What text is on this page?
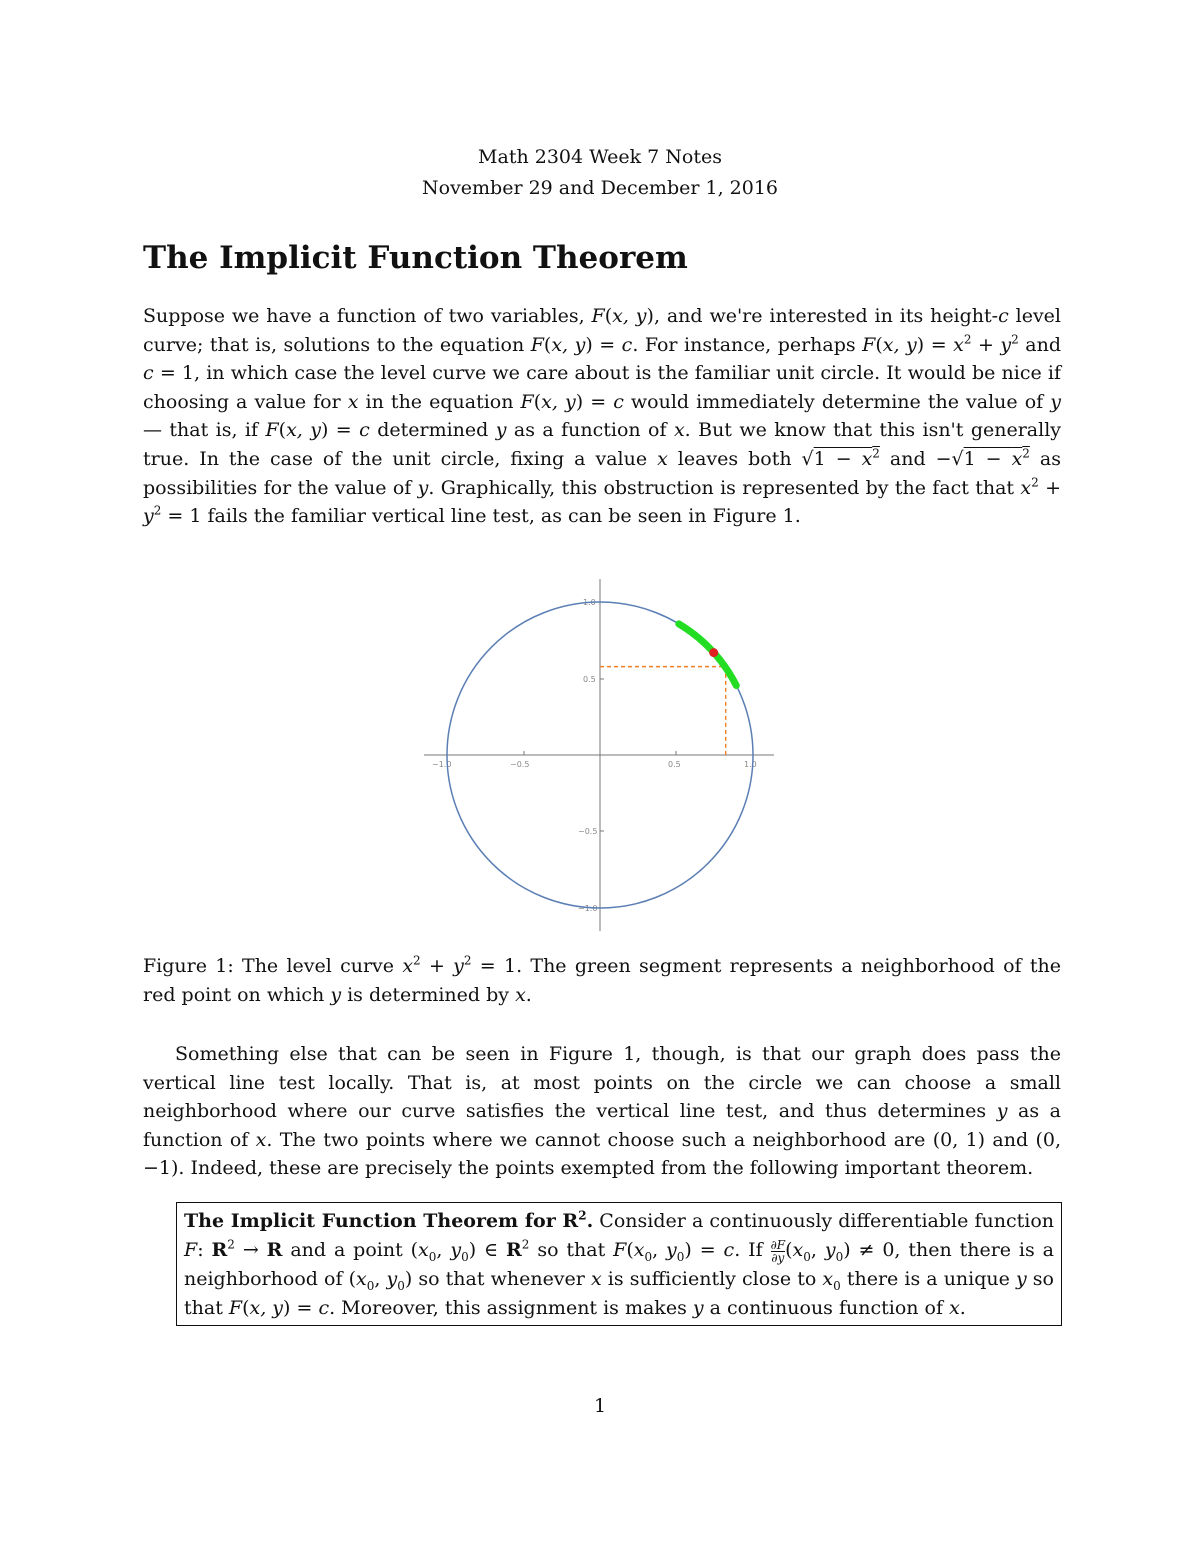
Math 2304 Week 7 Notes
November 29 and December 1, 2016
The Implicit Function Theorem
Suppose we have a function of two variables, F(x, y), and we're interested in its height-c level curve; that is, solutions to the equation F(x, y) = c. For instance, perhaps F(x, $y) = x^2 + y^2$ and c = 1, in which case the level curve we care about is the familiar unit circle. It would be nice if choosing a value for x in the equation F(x, y) = c would immediately determine the value of y — that is, if F(x, y) = c determined y as a function of x. But we know that this isn't generally true. In the case of the unit circle, fixing a value x leaves both $√1 - x^2$ and $-√1 - x^2$ as possibilities for the value of y. Graphically, this obstruction is represented by the fact that $x^2 + y^2 = 1$ fails the familiar vertical line test, as can be seen in Figure 1.
−1.0	−0.5	0.5	1.0
1.0
0.5
−0.5
−1.0
Figure 1: The level curve $x^2 + y^2 = 1$. The green segment represents a neighborhood of the red point on which y is determined by x.
Something else that can be seen in Figure 1, though, is that our graph does pass the vertical line test locally. That is, at most points on the circle we can choose a small neighborhood where our curve satisfies the vertical line test, and thus determines y as a function of x. The two points where we cannot choose such a neighborhood are (0, 1) and (0, −1). Indeed, these are precisely the points exempted from the following important theorem.
The Implicit Function Theorem for $R^2$. Consider a continuously differentiable function F: $R^2 \to R$ and a point ($x_0$, $y_0$) ∈ $R^2$ so that $F(x_0$, $y_0) = c$. If $\frac{\partial F}{\partial y} (x_0$, $y_0) \ne 0$, then there is a neighborhood of ($x_0$, $y_0$) so that whenever x is sufficiently close to $x_0$ there is a unique y so that F(x, y) = c. Moreover, this assignment is makes y a continuous function of x.
1
